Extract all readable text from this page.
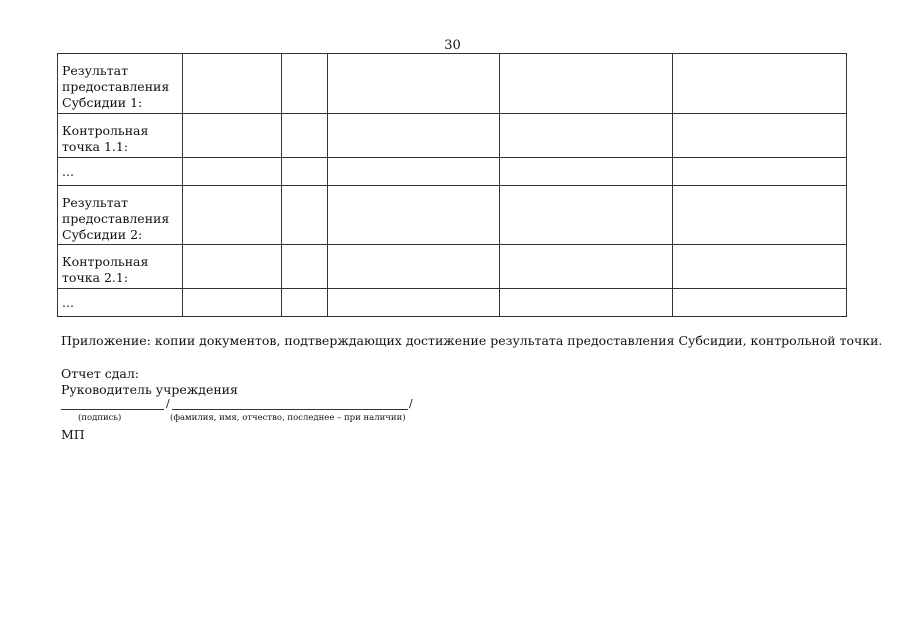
30
Результат предоставления Субсидии 1:					
Контрольная точка 1.1:					
...					
Результат предоставления Субсидии 2:					
Контрольная точка 2.1:					
...					
Приложение: копии документов, подтверждающих достижение результата предоставления Субсидии, контрольной точки.
Отчет сдал:
Руководитель учреждения
/	/
(подпись)	(фамилия, имя, отчество, последнее – при наличии)
МП
